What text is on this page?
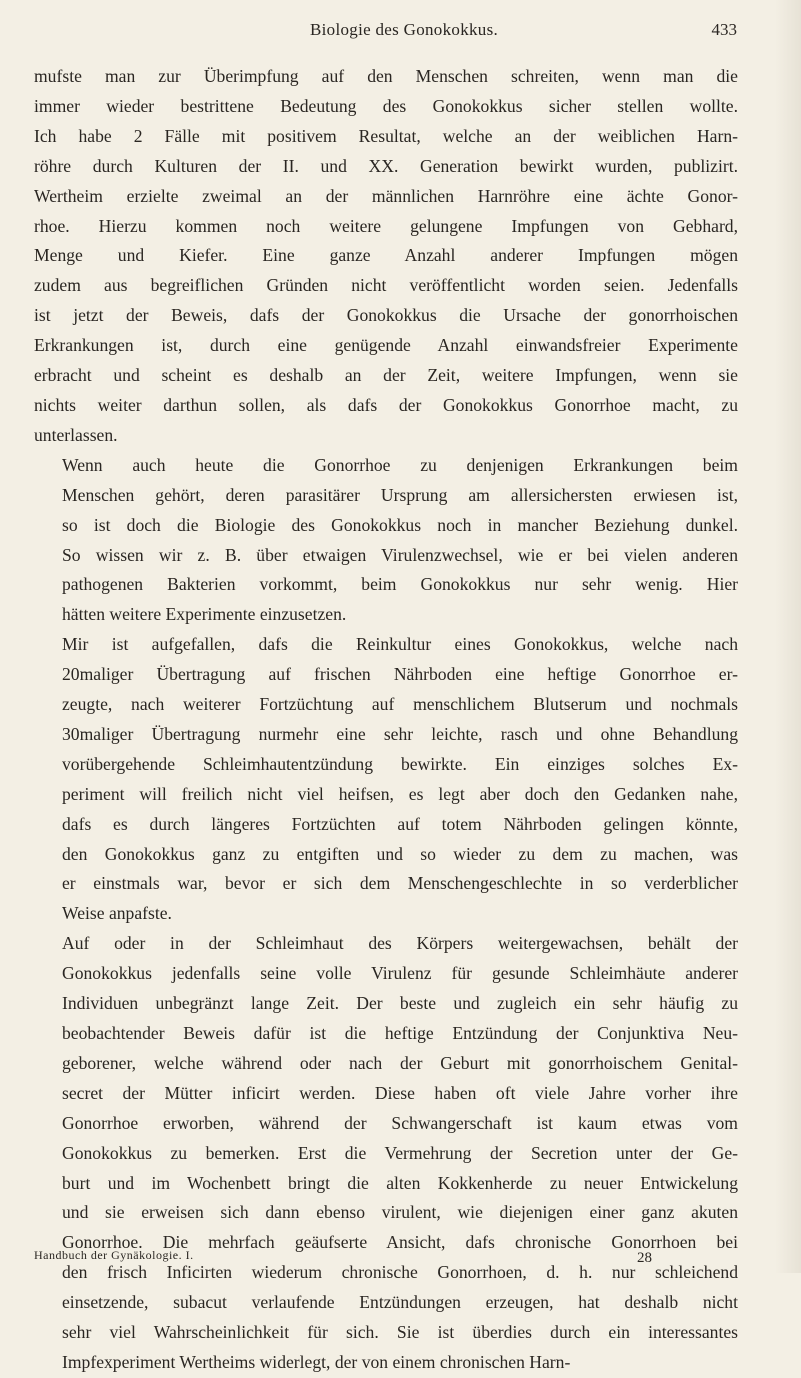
Biologie des Gonokokkus.	433

mufste man zur Überimpfung auf den Menschen schreiten, wenn man die
immer wieder bestrittene Bedeutung des Gonokokkus sicher stellen wollte.
Ich habe 2 Fälle mit positivem Resultat, welche an der weiblichen Harn-
röhre durch Kulturen der II. und XX. Generation bewirkt wurden, publizirt.
Wertheim erzielte zweimal an der männlichen Harnröhre eine ächte Gonor-
rhoe. Hierzu kommen noch weitere gelungene Impfungen von Gebhard,
Menge und Kiefer. Eine ganze Anzahl anderer Impfungen mögen
zudem aus begreiflichen Gründen nicht veröffentlicht worden seien. Jedenfalls
ist jetzt der Beweis, dafs der Gonokokkus die Ursache der gonorrhoischen
Erkrankungen ist, durch eine genügende Anzahl einwandsfreier Experimente
erbracht und scheint es deshalb an der Zeit, weitere Impfungen, wenn sie
nichts weiter darthun sollen, als dafs der Gonokokkus Gonorrhoe macht, zu
unterlassen.

Wenn auch heute die Gonorrhoe zu denjenigen Erkrankungen beim
Menschen gehört, deren parasitärer Ursprung am allersichersten erwiesen ist,
so ist doch die Biologie des Gonokokkus noch in mancher Beziehung dunkel.
So wissen wir z. B. über etwaigen Virulenzwechsel, wie er bei vielen anderen
pathogenen Bakterien vorkommt, beim Gonokokkus nur sehr wenig. Hier
hätten weitere Experimente einzusetzen.

Mir ist aufgefallen, dafs die Reinkultur eines Gonokokkus, welche nach
20maliger Übertragung auf frischen Nährboden eine heftige Gonorrhoe er-
zeugte, nach weiterer Fortzüchtung auf menschlichem Blutserum und nochmals
30maliger Übertragung nurmehr eine sehr leichte, rasch und ohne Behandlung
vorübergehende Schleimhautentzündung bewirkte. Ein einziges solches Ex-
periment will freilich nicht viel heifsen, es legt aber doch den Gedanken nahe,
dafs es durch längeres Fortzüchten auf totem Nährboden gelingen könnte,
den Gonokokkus ganz zu entgiften und so wieder zu dem zu machen, was
er einstmals war, bevor er sich dem Menschengeschlechte in so verderblicher
Weise anpafste.

Auf oder in der Schleimhaut des Körpers weitergewachsen, behält der
Gonokokkus jedenfalls seine volle Virulenz für gesunde Schleimhäute anderer
Individuen unbegränzt lange Zeit. Der beste und zugleich ein sehr häufig zu
beobachtender Beweis dafür ist die heftige Entzündung der Conjunktiva Neu-
geborener, welche während oder nach der Geburt mit gonorrhoischem Genital-
secret der Mütter inficirt werden. Diese haben oft viele Jahre vorher ihre
Gonorrhoe erworben, während der Schwangerschaft ist kaum etwas vom
Gonokokkus zu bemerken. Erst die Vermehrung der Secretion unter der Ge-
burt und im Wochenbett bringt die alten Kokkenherde zu neuer Entwickelung
und sie erweisen sich dann ebenso virulent, wie diejenigen einer ganz akuten
Gonorrhoe. Die mehrfach geäufserte Ansicht, dafs chronische Gonorrhoen bei
den frisch Inficirten wiederum chronische Gonorrhoen, d. h. nur schleichend
einsetzende, subacut verlaufende Entzündungen erzeugen, hat deshalb nicht
sehr viel Wahrscheinlichkeit für sich. Sie ist überdies durch ein interessantes
Impfexperiment Wertheims widerlegt, der von einem chronischen Harn-

Handbuch der Gynäkologie. I.	28
